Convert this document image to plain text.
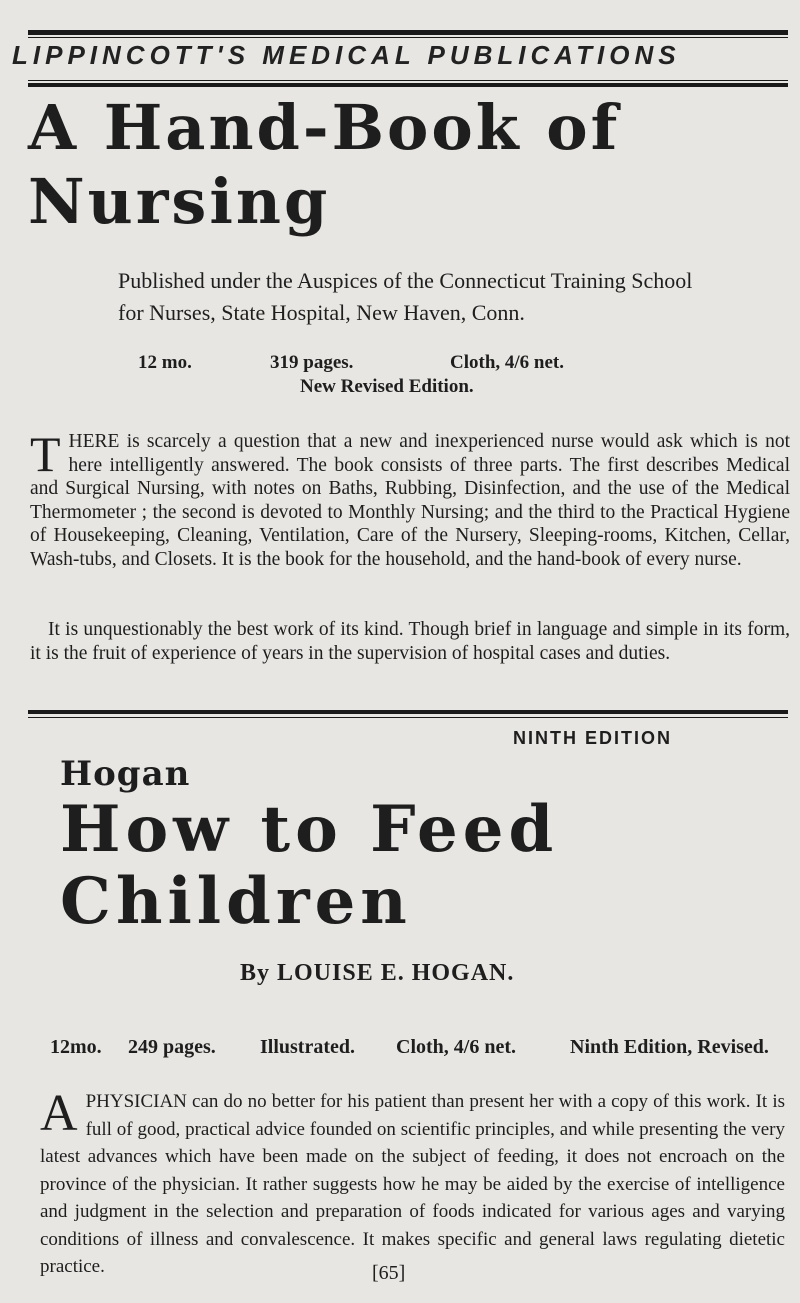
LIPPINCOTT'S MEDICAL PUBLICATIONS
A Hand-Book of
Nursing
Published under the Auspices of the Connecticut Training School
for Nurses, State Hospital, New Haven, Conn.
12 mo.	319 pages.	Cloth, 4/6 net.
New Revised Edition.
T HERE is scarcely a question that a new and inexperienced nurse would ask which is not here intelligently answered. The book consists of three parts. The first describes Medical and Surgical Nursing, with notes on Baths, Rubbing, Disinfection, and the use of the Medical Thermometer ; the second is devoted to Monthly Nursing; and the third to the Practical Hygiene of Housekeeping, Cleaning, Ventilation, Care of the Nursery, Sleeping-rooms, Kitchen, Cellar, Wash-tubs, and Closets. It is the book for the household, and the hand-book of every nurse.
It is unquestionably the best work of its kind. Though brief in language and simple in its form, it is the fruit of experience of years in the supervision of hospital cases and duties.
NINTH EDITION
Hogan
How to Feed
Children
By LOUISE E. HOGAN.
12mo. 249 pages. Illustrated. Cloth, 4/6 net.	Ninth Edition, Revised.
A PHYSICIAN can do no better for his patient than present her with a copy of this work. It is full of good, practical advice founded on scientific principles, and while presenting the very latest advances which have been made on the subject of feeding, it does not encroach on the province of the physician. It rather suggests how he may be aided by the exercise of intelligence and judgment in the selection and preparation of foods indicated for various ages and varying conditions of illness and convalescence. It makes specific and general laws regulating dietetic practice.	[65]
